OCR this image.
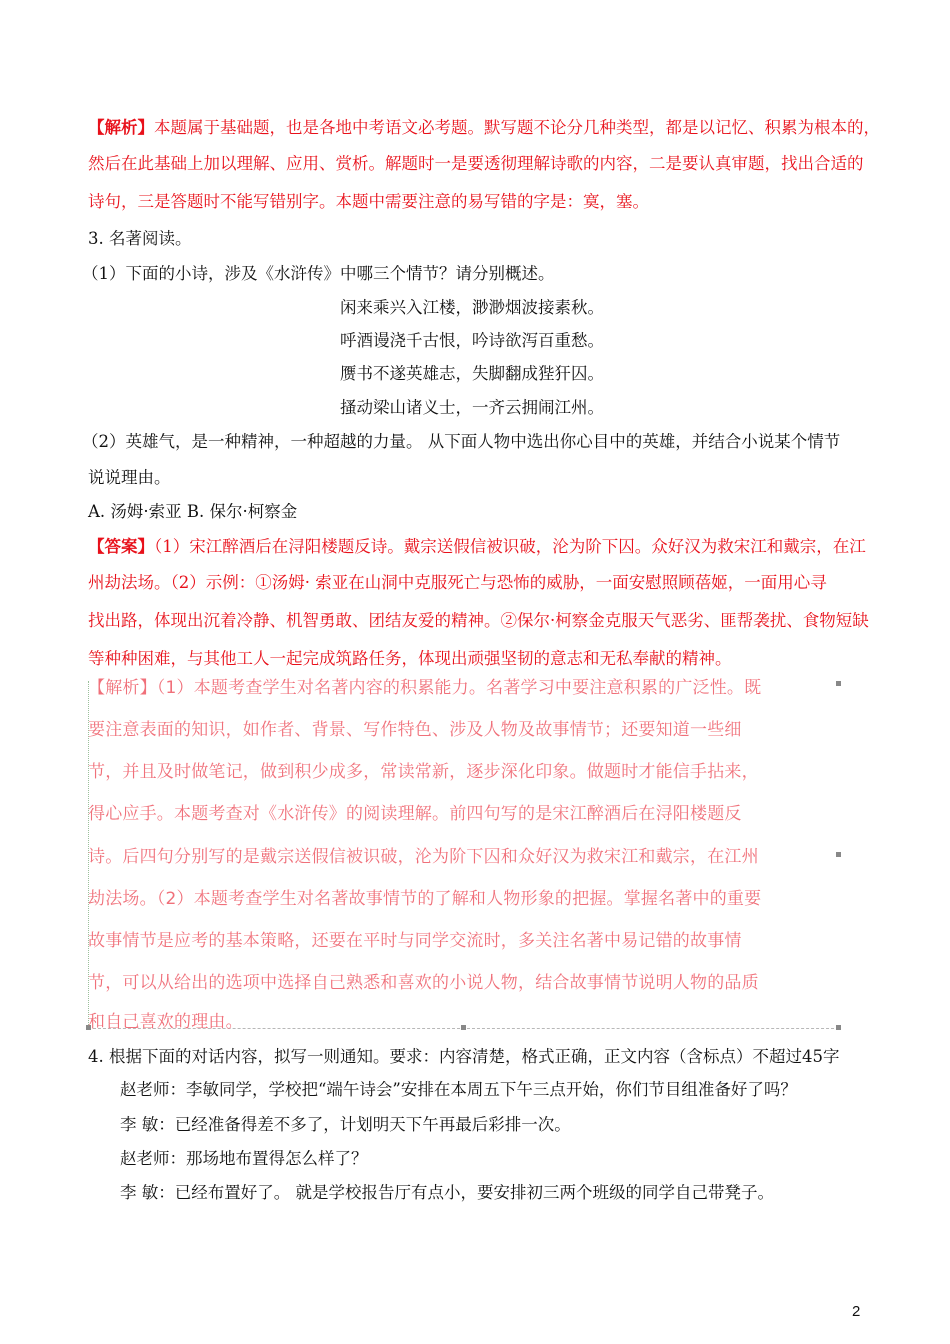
【解析】本题属于基础题，也是各地中考语文必考题。默写题不论分几种类型，都是以记忆、积累为根本的，
然后在此基础上加以理解、应用、赏析。解题时一是要透彻理解诗歌的内容，二是要认真审题，找出合适的
诗句，三是答题时不能写错别字。本题中需要注意的易写错的字是：寞，塞。
3. 名著阅读。
（1）下面的小诗，涉及《水浒传》中哪三个情节？请分别概述。
闲来乘兴入江楼，渺渺烟波接素秋。
呼酒谩浇千古恨，吟诗欲泻百重愁。
赝书不遂英雄志，失脚翻成狴犴囚。
搔动梁山诸义士，一齐云拥闹江州。
（2）英雄气，是一种精神，一种超越的力量。 从下面人物中选出你心目中的英雄，并结合小说某个情节
说说理由。
A. 汤姆·索亚 B. 保尔·柯察金
【答案】（1）宋江醉酒后在浔阳楼题反诗。戴宗送假信被识破，沦为阶下囚。众好汉为救宋江和戴宗，在江
州劫法场。（2）示例：①汤姆· 索亚在山洞中克服死亡与恐怖的威胁，一面安慰照顾蓓姬，一面用心寻
找出路，体现出沉着冷静、机智勇敢、团结友爱的精神。②保尔·柯察金克服天气恶劣、匪帮袭扰、食物短缺
等种种困难，与其他工人一起完成筑路任务，体现出顽强坚韧的意志和无私奉献的精神。
【解析】（1）本题考查学生对名著内容的积累能力。名著学习中要注意积累的广泛性。既
要注意表面的知识，如作者、背景、写作特色、涉及人物及故事情节；还要知道一些细
节，并且及时做笔记，做到积少成多，常读常新，逐步深化印象。做题时才能信手拈来，
得心应手。本题考查对《水浒传》的阅读理解。前四句写的是宋江醉酒后在浔阳楼题反
诗。后四句分别写的是戴宗送假信被识破，沦为阶下囚和众好汉为救宋江和戴宗，在江州
劫法场。（2）本题考查学生对名著故事情节的了解和人物形象的把握。掌握名著中的重要
故事情节是应考的基本策略，还要在平时与同学交流时，多关注名著中易记错的故事情
节，可以从给出的选项中选择自己熟悉和喜欢的小说人物，结合故事情节说明人物的品质
和自己喜欢的理由。
4. 根据下面的对话内容，拟写一则通知。要求：内容清楚，格式正确，正文内容（含标点）不超过45字
赵老师：李敏同学，学校把“端午诗会”安排在本周五下午三点开始，你们节目组准备好了吗？
李 敏：已经准备得差不多了，计划明天下午再最后彩排一次。
赵老师：那场地布置得怎么样了？
李 敏：已经布置好了。 就是学校报告厅有点小，要安排初三两个班级的同学自己带凳子。
2
